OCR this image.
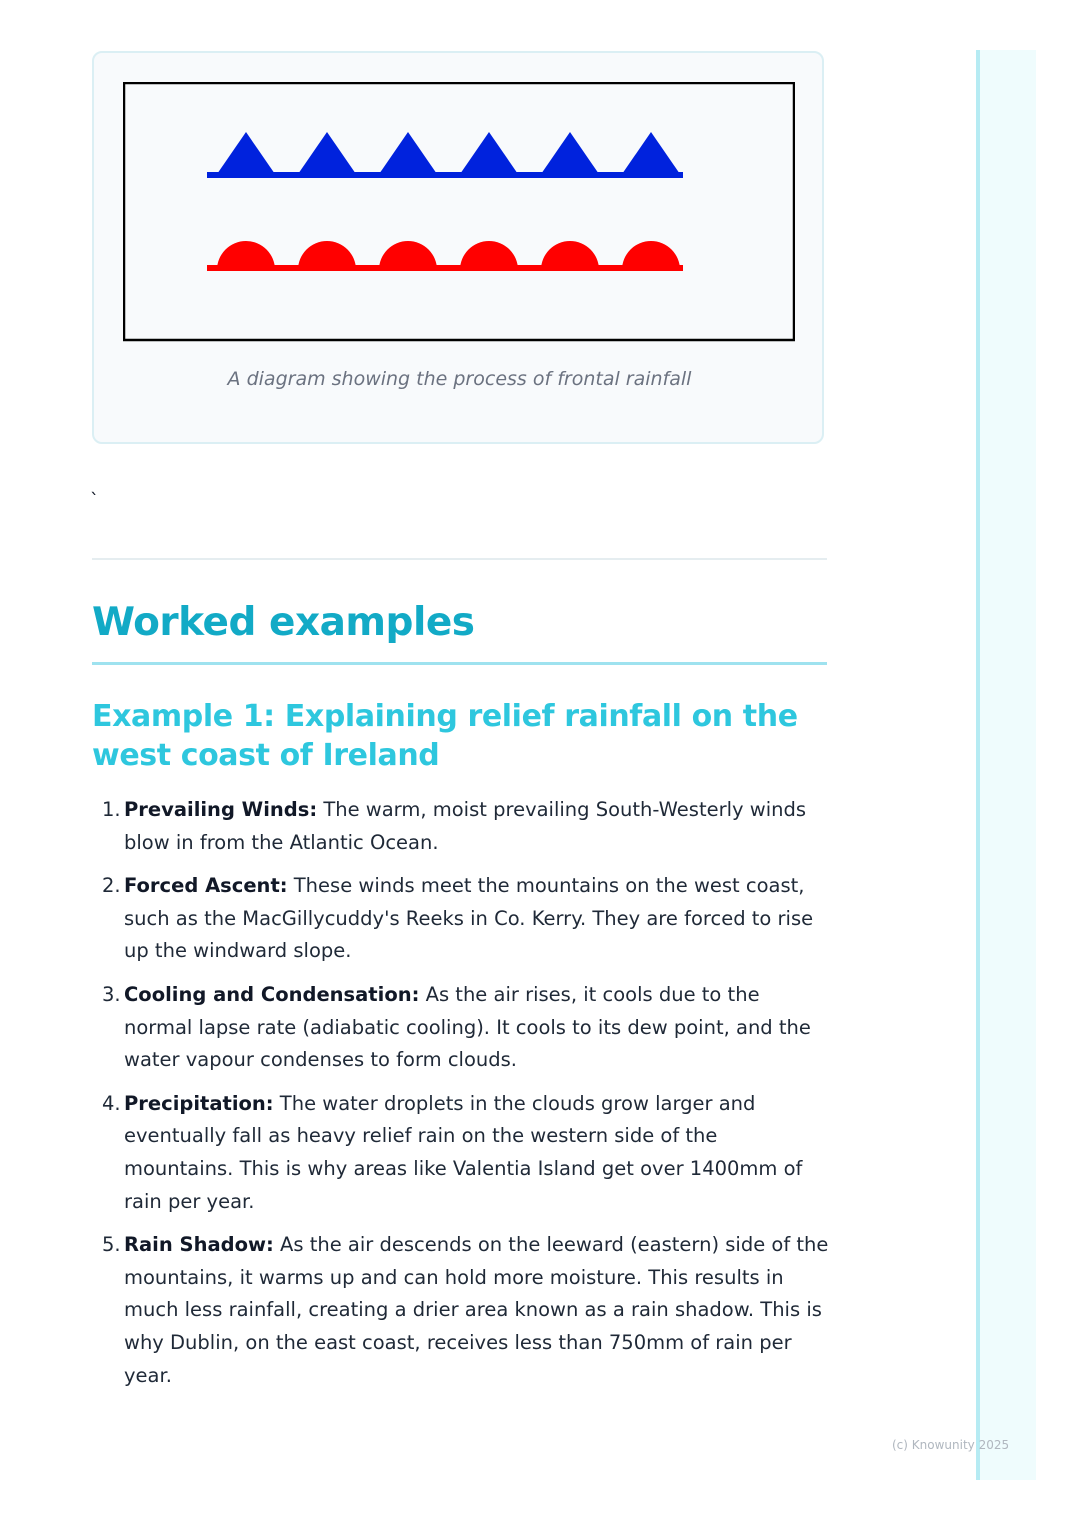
A diagram showing the process of frontal rainfall
`
Worked examples
Example 1: Explaining relief rainfall on the west coast of Ireland
1. Prevailing Winds: The warm, moist prevailing South-Westerly winds blow in from the Atlantic Ocean.
2. Forced Ascent: These winds meet the mountains on the west coast, such as the MacGillycuddy's Reeks in Co. Kerry. They are forced to rise up the windward slope.
3. Cooling and Condensation: As the air rises, it cools due to the normal lapse rate (adiabatic cooling). It cools to its dew point, and the water vapour condenses to form clouds.
4. Precipitation: The water droplets in the clouds grow larger and eventually fall as heavy relief rain on the western side of the mountains. This is why areas like Valentia Island get over 1400mm of rain per year.
5. Rain Shadow: As the air descends on the leeward (eastern) side of the mountains, it warms up and can hold more moisture. This results in much less rainfall, creating a drier area known as a rain shadow. This is why Dublin, on the east coast, receives less than 750mm of rain per year.
(c) Knowunity 2025
